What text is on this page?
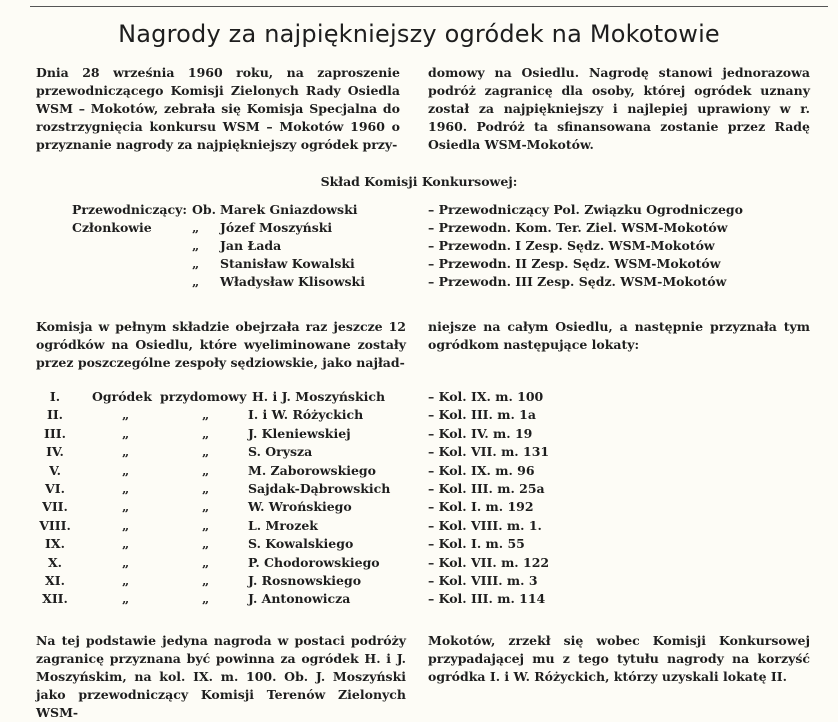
Nagrody za najpiękniejszy ogródek na Mokotowie
Dnia 28 września 1960 roku, na zaproszenie przewodniczącego Komisji Zielonych Rady Osiedla WSM – Mokotów, zebrała się Komisja Specjalna do rozstrzygnięcia konkursu WSM – Mokotów 1960 o przyznanie nagrody za najpiękniejszy ogródek przy-
domowy na Osiedlu. Nagrodę stanowi jednorazowa podróż zagranicę dla osoby, której ogródek uznany został za najpiękniejszy i najlepiej uprawiony w r. 1960. Podróż ta sfinansowana zostanie przez Radę Osiedla WSM-Mokotów.
Skład Komisji Konkursowej:
Przewodniczący: Ob. Marek Gniazdowski	– Przewodniczący Pol. Związku Ogrodniczego
Członkowie	„ Józef Moszyński	– Przewodn. Kom. Ter. Ziel. WSM-Mokotów
„ Jan Łada	– Przewodn. I Zesp. Sędz. WSM-Mokotów
„ Stanisław Kowalski	– Przewodn. II Zesp. Sędz. WSM-Mokotów
„ Władysław Klisowski	– Przewodn. III Zesp. Sędz. WSM-Mokotów
Komisja w pełnym składzie obejrzała raz jeszcze 12 ogródków na Osiedlu, które wyeliminowane zostały przez poszczególne zespoły sędziowskie, jako najład-
niejsze na całym Osiedlu, a następnie przyznała tym ogródkom następujące lokaty:
I.	Ogródek przydomowy H. i J. Moszyńskich	– Kol. IX. m. 100
II.	„	„	I. i W. Różyckich	– Kol. III. m. 1a
III.	„	„	J. Kleniewskiej	– Kol. IV. m. 19
IV.	„	„	S. Orysza	– Kol. VII. m. 131
V.	„	„	M. Zaborowskiego	– Kol. IX. m. 96
VI.	„	„	Sajdak-Dąbrowskich	– Kol. III. m. 25a
VII.	„	„	W. Wrońskiego	– Kol. I. m. 192
VIII.	„	„	L. Mrozek	– Kol. VIII. m. 1.
IX.	„	„	S. Kowalskiego	– Kol. I. m. 55
X.	„	„	P. Chodorowskiego	– Kol. VII. m. 122
XI.	„	„	J. Rosnowskiego	– Kol. VIII. m. 3
XII.	„	„	J. Antonowicza	– Kol. III. m. 114
Na tej podstawie jedyna nagroda w postaci podróży zagranicę przyznana być powinna za ogródek H. i J. Moszyńskim, na kol. IX. m. 100. Ob. J. Moszyński jako przewodniczący Komisji Terenów Zielonych WSM-
Mokotów, zrzekł się wobec Komisji Konkursowej przypadającej mu z tego tytułu nagrody na korzyść ogródka I. i W. Różyckich, którzy uzyskali lokatę II.
